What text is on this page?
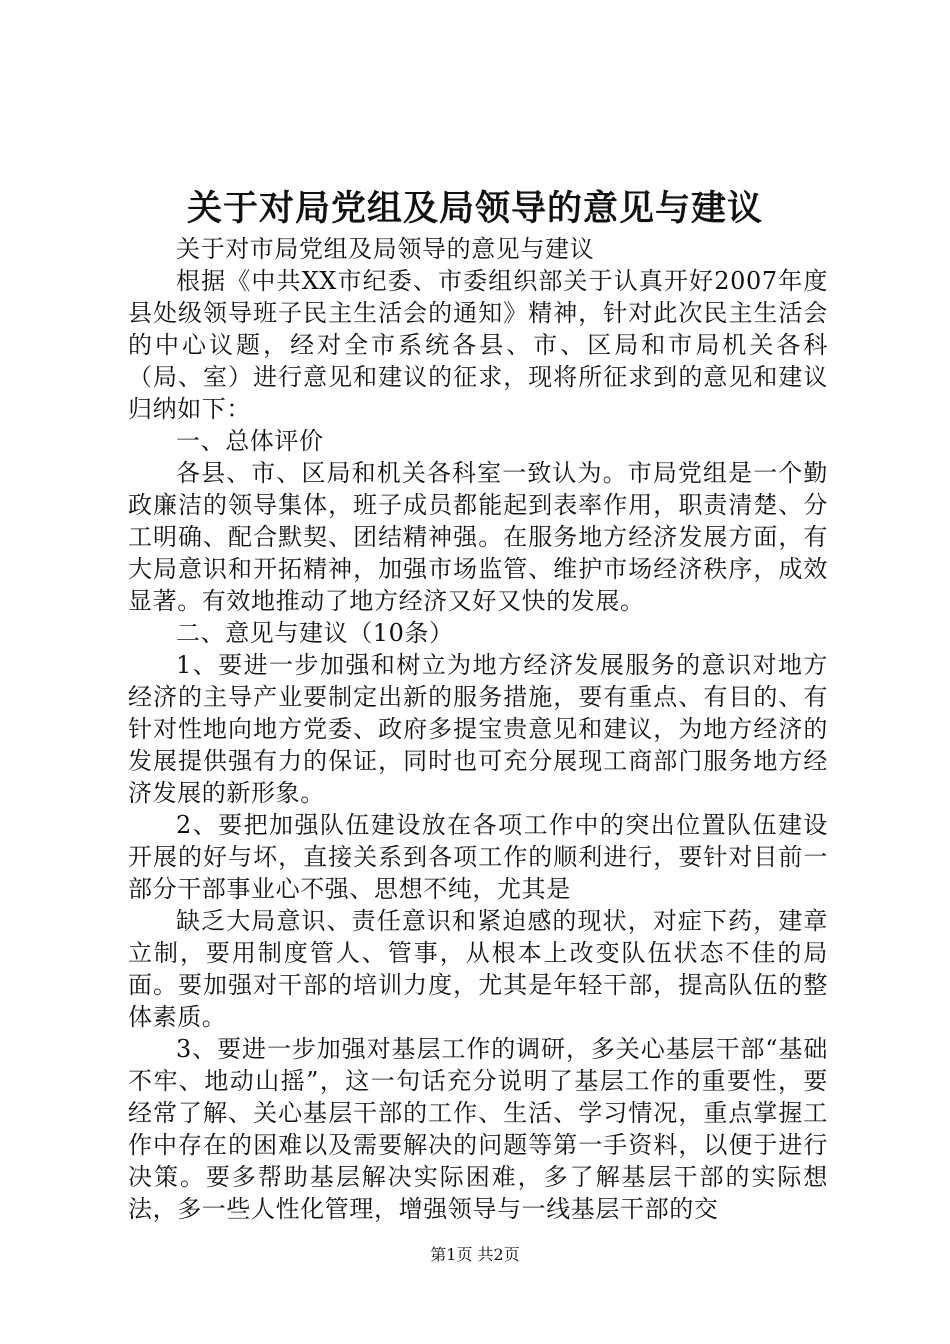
关于对局党组及局领导的意见与建议

关于对市局党组及局领导的意见与建议

根据《中共XX市纪委、市委组织部关于认真开好2007年度县处级领导班子民主生活会的通知》精神，针对此次民主生活会的中心议题，经对全市系统各县、市、区局和市局机关各科（局、室）进行意见和建议的征求，现将所征求到的意见和建议归纳如下：

一、总体评价

各县、市、区局和机关各科室一致认为。市局党组是一个勤政廉洁的领导集体，班子成员都能起到表率作用，职责清楚、分工明确、配合默契、团结精神强。在服务地方经济发展方面，有大局意识和开拓精神，加强市场监管、维护市场经济秩序，成效显著。有效地推动了地方经济又好又快的发展。

二、意见与建议（10条）

1、要进一步加强和树立为地方经济发展服务的意识对地方经济的主导产业要制定出新的服务措施，要有重点、有目的、有针对性地向地方党委、政府多提宝贵意见和建议，为地方经济的发展提供强有力的保证，同时也可充分展现工商部门服务地方经济发展的新形象。

2、要把加强队伍建设放在各项工作中的突出位置队伍建设开展的好与坏，直接关系到各项工作的顺利进行，要针对目前一部分干部事业心不强、思想不纯，尤其是

缺乏大局意识、责任意识和紧迫感的现状，对症下药，建章立制，要用制度管人、管事，从根本上改变队伍状态不佳的局面。要加强对干部的培训力度，尤其是年轻干部，提高队伍的整体素质。

3、要进一步加强对基层工作的调研，多关心基层干部“基础不牢、地动山摇”，这一句话充分说明了基层工作的重要性，要经常了解、关心基层干部的工作、生活、学习情况，重点掌握工作中存在的困难以及需要解决的问题等第一手资料，以便于进行决策。要多帮助基层解决实际困难，多了解基层干部的实际想法，多一些人性化管理，增强领导与一线基层干部的交

第1页 共2页
